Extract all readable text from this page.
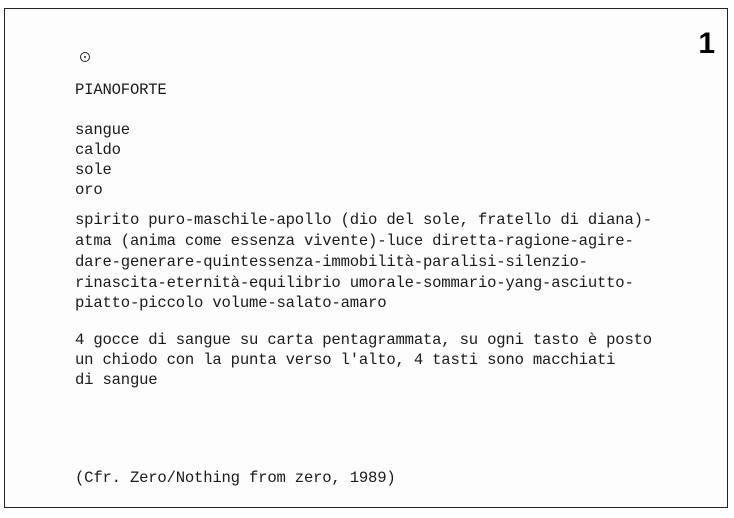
1
PIANOFORTE
sangue
caldo
sole
oro
spirito puro-maschile-apollo (dio del sole, fratello di diana)-
atma (anima come essenza vivente)-luce diretta-ragione-agire-
dare-generare-quintessenza-immobilità-paralisi-silenzio-
rinascita-eternità-equilibrio umorale-sommario-yang-asciutto-
piatto-piccolo volume-salato-amaro
4 gocce di sangue su carta pentagrammata, su ogni tasto è posto
un chiodo con la punta verso l'alto, 4 tasti sono macchiati
di sangue
(Cfr. Zero/Nothing from zero, 1989)
